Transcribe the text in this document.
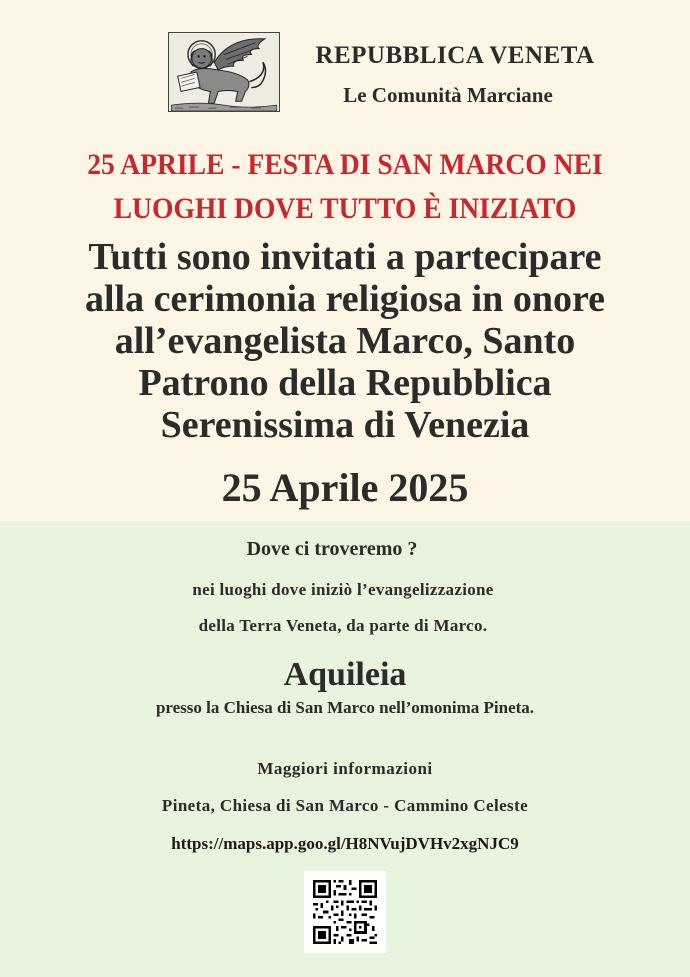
REPUBBLICA VENETA
Le Comunità Marciane
25 APRILE - FESTA DI SAN MARCO NEI
LUOGHI DOVE TUTTO È INIZIATO
Tutti sono invitati a partecipare
alla cerimonia religiosa in onore
all’evangelista Marco, Santo
Patrono della Repubblica
Serenissima di Venezia
25 Aprile 2025
Dove ci troveremo ?
nei luoghi dove iniziò l’evangelizzazione
della Terra Veneta, da parte di Marco.
Aquileia
presso la Chiesa di San Marco nell’omonima Pineta.
Maggiori informazioni
Pineta, Chiesa di San Marco - Cammino Celeste
https://maps.app.goo.gl/H8NVujDVHv2xgNJC9
